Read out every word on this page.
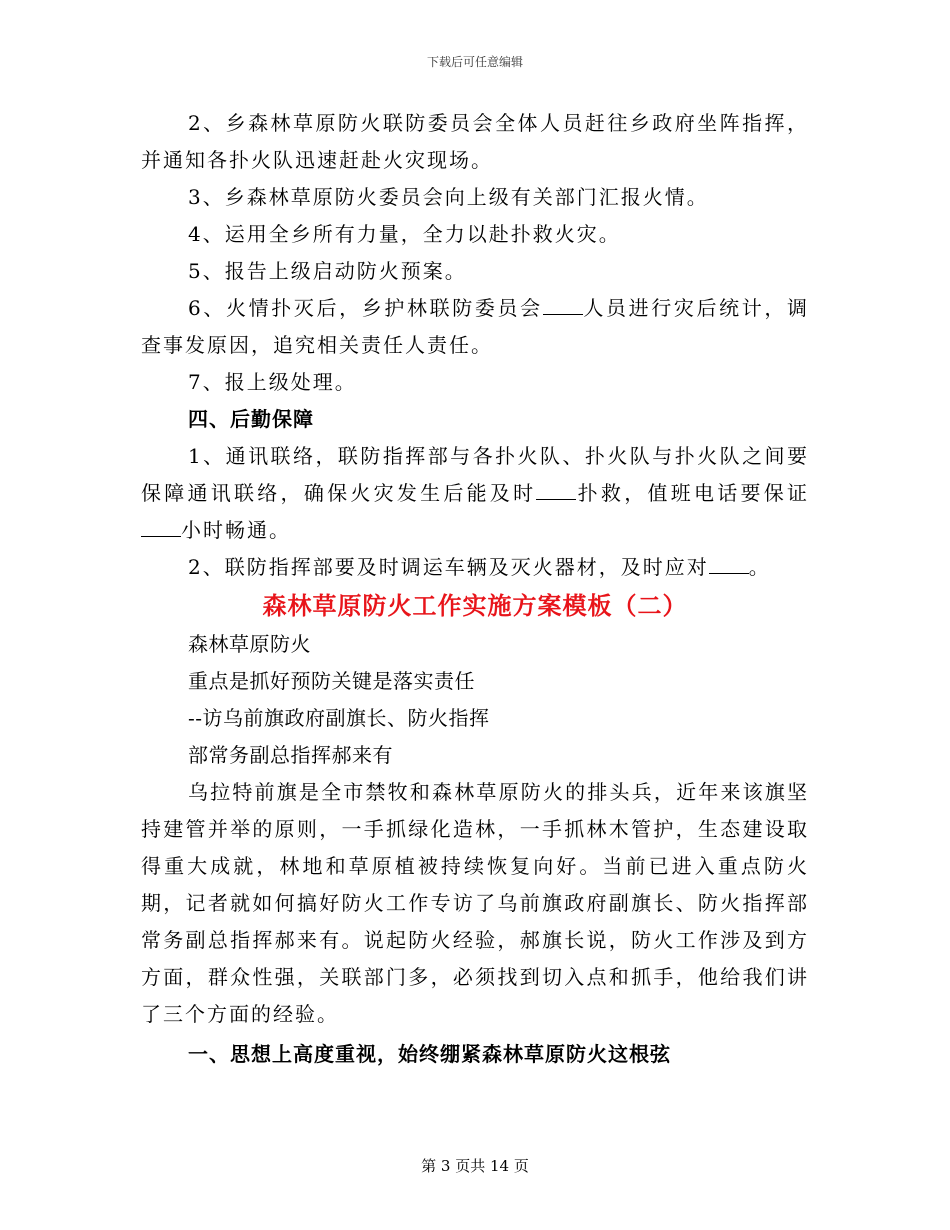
下载后可任意编辑

2、乡森林草原防火联防委员会全体人员赶往乡政府坐阵指挥，并通知各扑火队迅速赶赴火灾现场。

3、乡森林草原防火委员会向上级有关部门汇报火情。

4、运用全乡所有力量，全力以赴扑救火灾。

5、报告上级启动防火预案。

6、火情扑灭后，乡护林联防委员会 人员进行灾后统计，调查事发原因，追究相关责任人责任。

7、报上级处理。

四、后勤保障

1、通讯联络，联防指挥部与各扑火队、扑火队与扑火队之间要保障通讯联络，确保火灾发生后能及时 扑救，值班电话要保证小时畅通。

2、联防指挥部要及时调运车辆及灭火器材，及时应对 。

森林草原防火工作实施方案模板（二）

森林草原防火

重点是抓好预防关键是落实责任

--访乌前旗政府副旗长、防火指挥

部常务副总指挥郝来有

乌拉特前旗是全市禁牧和森林草原防火的排头兵，近年来该旗坚持建管并举的原则，一手抓绿化造林，一手抓林木管护，生态建设取得重大成就，林地和草原植被持续恢复向好。当前已进入重点防火期，记者就如何搞好防火工作专访了乌前旗政府副旗长、防火指挥部常务副总指挥郝来有。说起防火经验，郝旗长说，防火工作涉及到方方面，群众性强，关联部门多，必须找到切入点和抓手，他给我们讲了三个方面的经验。

一、思想上高度重视，始终绷紧森林草原防火这根弦

第 3 页共 14 页
